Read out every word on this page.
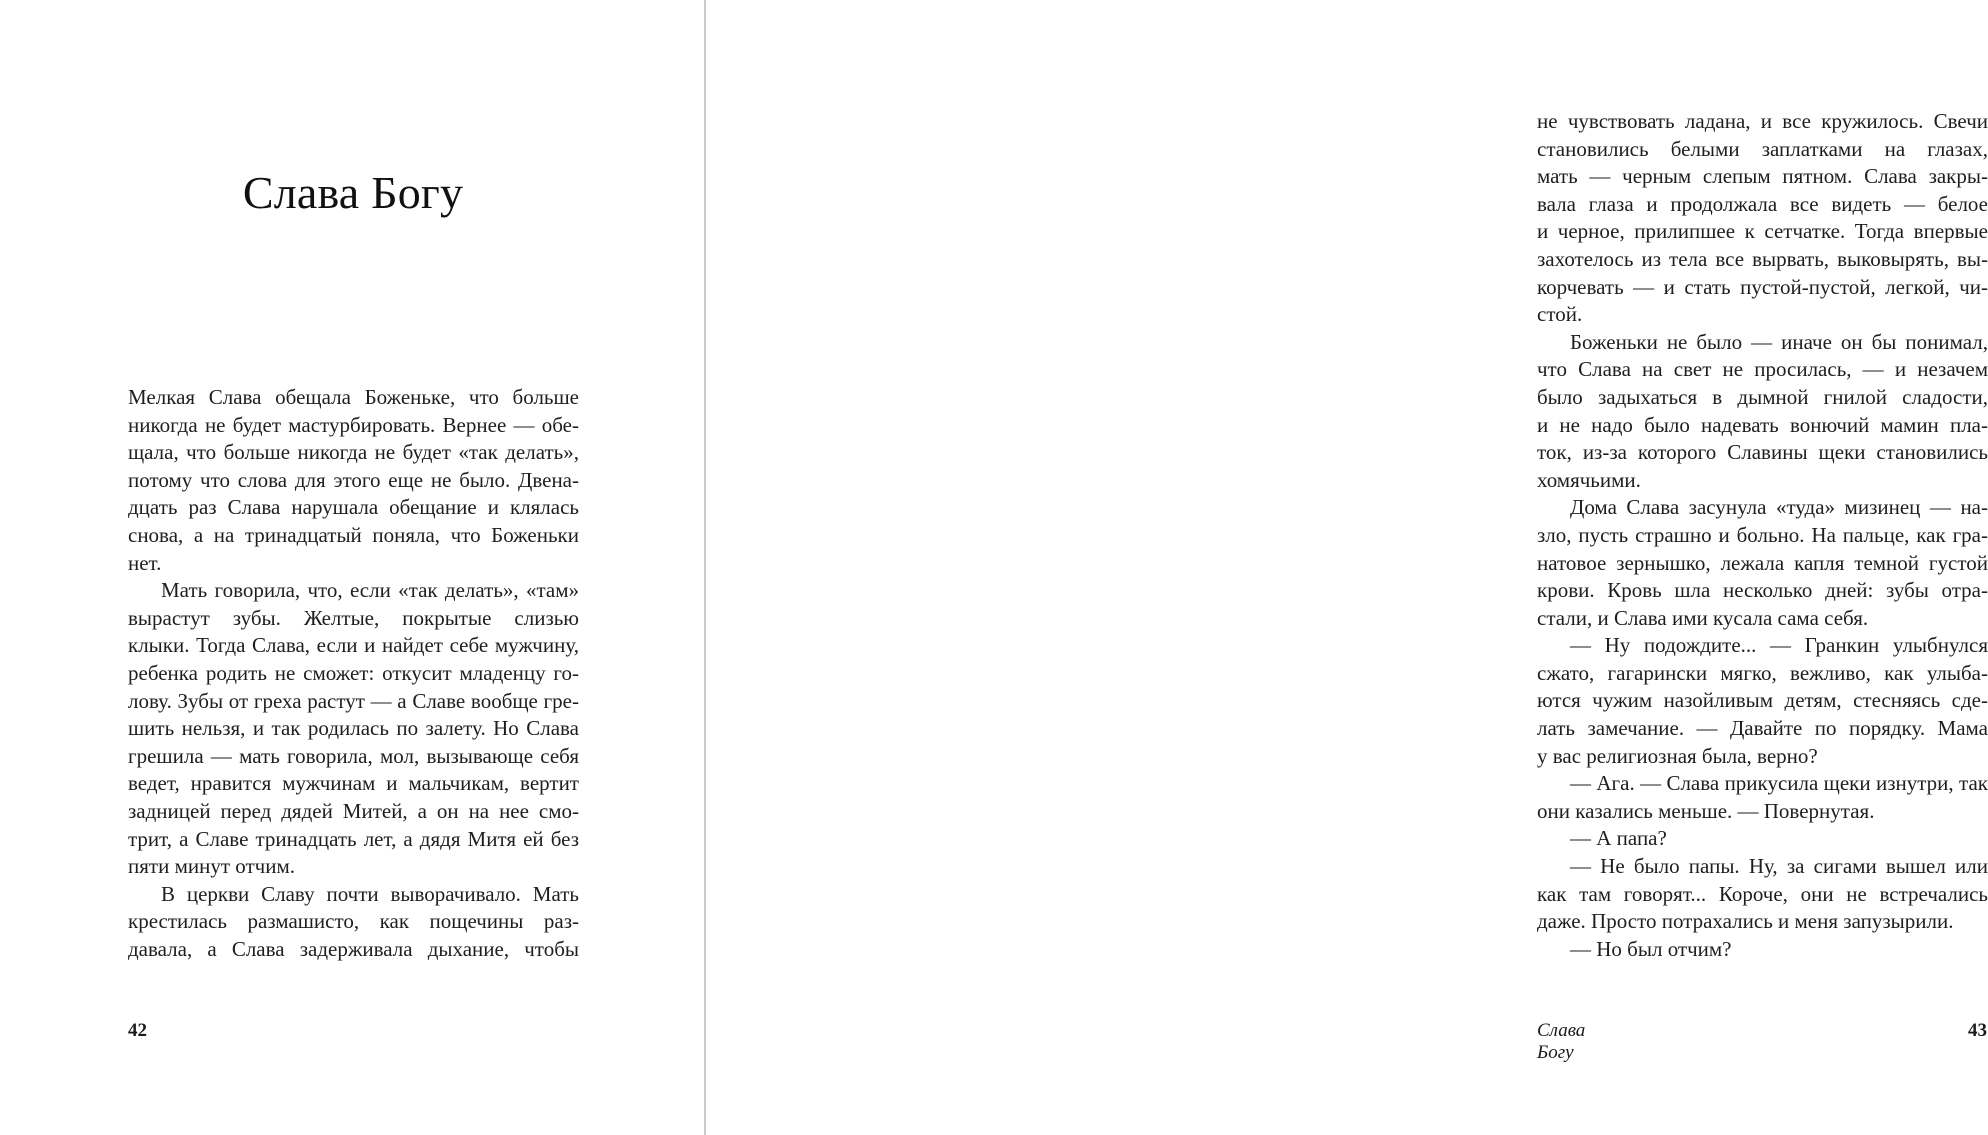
Слава Богу
Мелкая Слава обещала Боженьке, что больше
никогда не будет мастурбировать. Вернее — обе-
щала, что больше никогда не будет «так делать»,
потому что слова для этого еще не было. Двена-
дцать раз Слава нарушала обещание и клялась
снова, а на тринадцатый поняла, что Боженьки
нет.
Мать говорила, что, если «так делать», «там»
вырастут зубы. Желтые, покрытые слизью
клыки. Тогда Слава, если и найдет себе мужчину,
ребенка родить не сможет: откусит младенцу го-
лову. Зубы от греха растут — а Славе вообще гре-
шить нельзя, и так родилась по залету. Но Слава
грешила — мать говорила, мол, вызывающе себя
ведет, нравится мужчинам и мальчикам, вертит
задницей перед дядей Митей, а он на нее смо-
трит, а Славе тринадцать лет, а дядя Митя ей без
пяти минут отчим.
В церкви Славу почти выворачивало. Мать
крестилась размашисто, как пощечины раз-
давала, а Слава задерживала дыхание, чтобы
42
не чувствовать ладана, и все кружилось. Свечи
становились белыми заплатками на глазах,
мать — черным слепым пятном. Слава закры-
вала глаза и продолжала все видеть — белое
и черное, прилипшее к сетчатке. Тогда впервые
захотелось из тела все вырвать, выковырять, вы-
корчевать — и стать пустой-пустой, легкой, чи-
стой.
Боженьки не было — иначе он бы понимал,
что Слава на свет не просилась, — и незачем
было задыхаться в дымной гнилой сладости,
и не надо было надевать вонючий мамин пла-
ток, из-за которого Славины щеки становились
хомячьими.
Дома Слава засунула «туда» мизинец — на-
зло, пусть страшно и больно. На пальце, как гра-
натовое зернышко, лежала капля темной густой
крови. Кровь шла несколько дней: зубы отра-
стали, и Слава ими кусала сама себя.
— Ну подождите... — Гранкин улыбнулся
сжато, гагарински мягко, вежливо, как улыба-
ются чужим назойливым детям, стесняясь сде-
лать замечание. — Давайте по порядку. Мама
у вас религиозная была, верно?
— Ага. — Слава прикусила щеки изнутри, так
они казались меньше. — Повернутая.
— А папа?
— Не было папы. Ну, за сигами вышел или
как там говорят... Короче, они не встречались
даже. Просто потрахались и меня запузырили.
— Но был отчим?
Слава Богу
43
